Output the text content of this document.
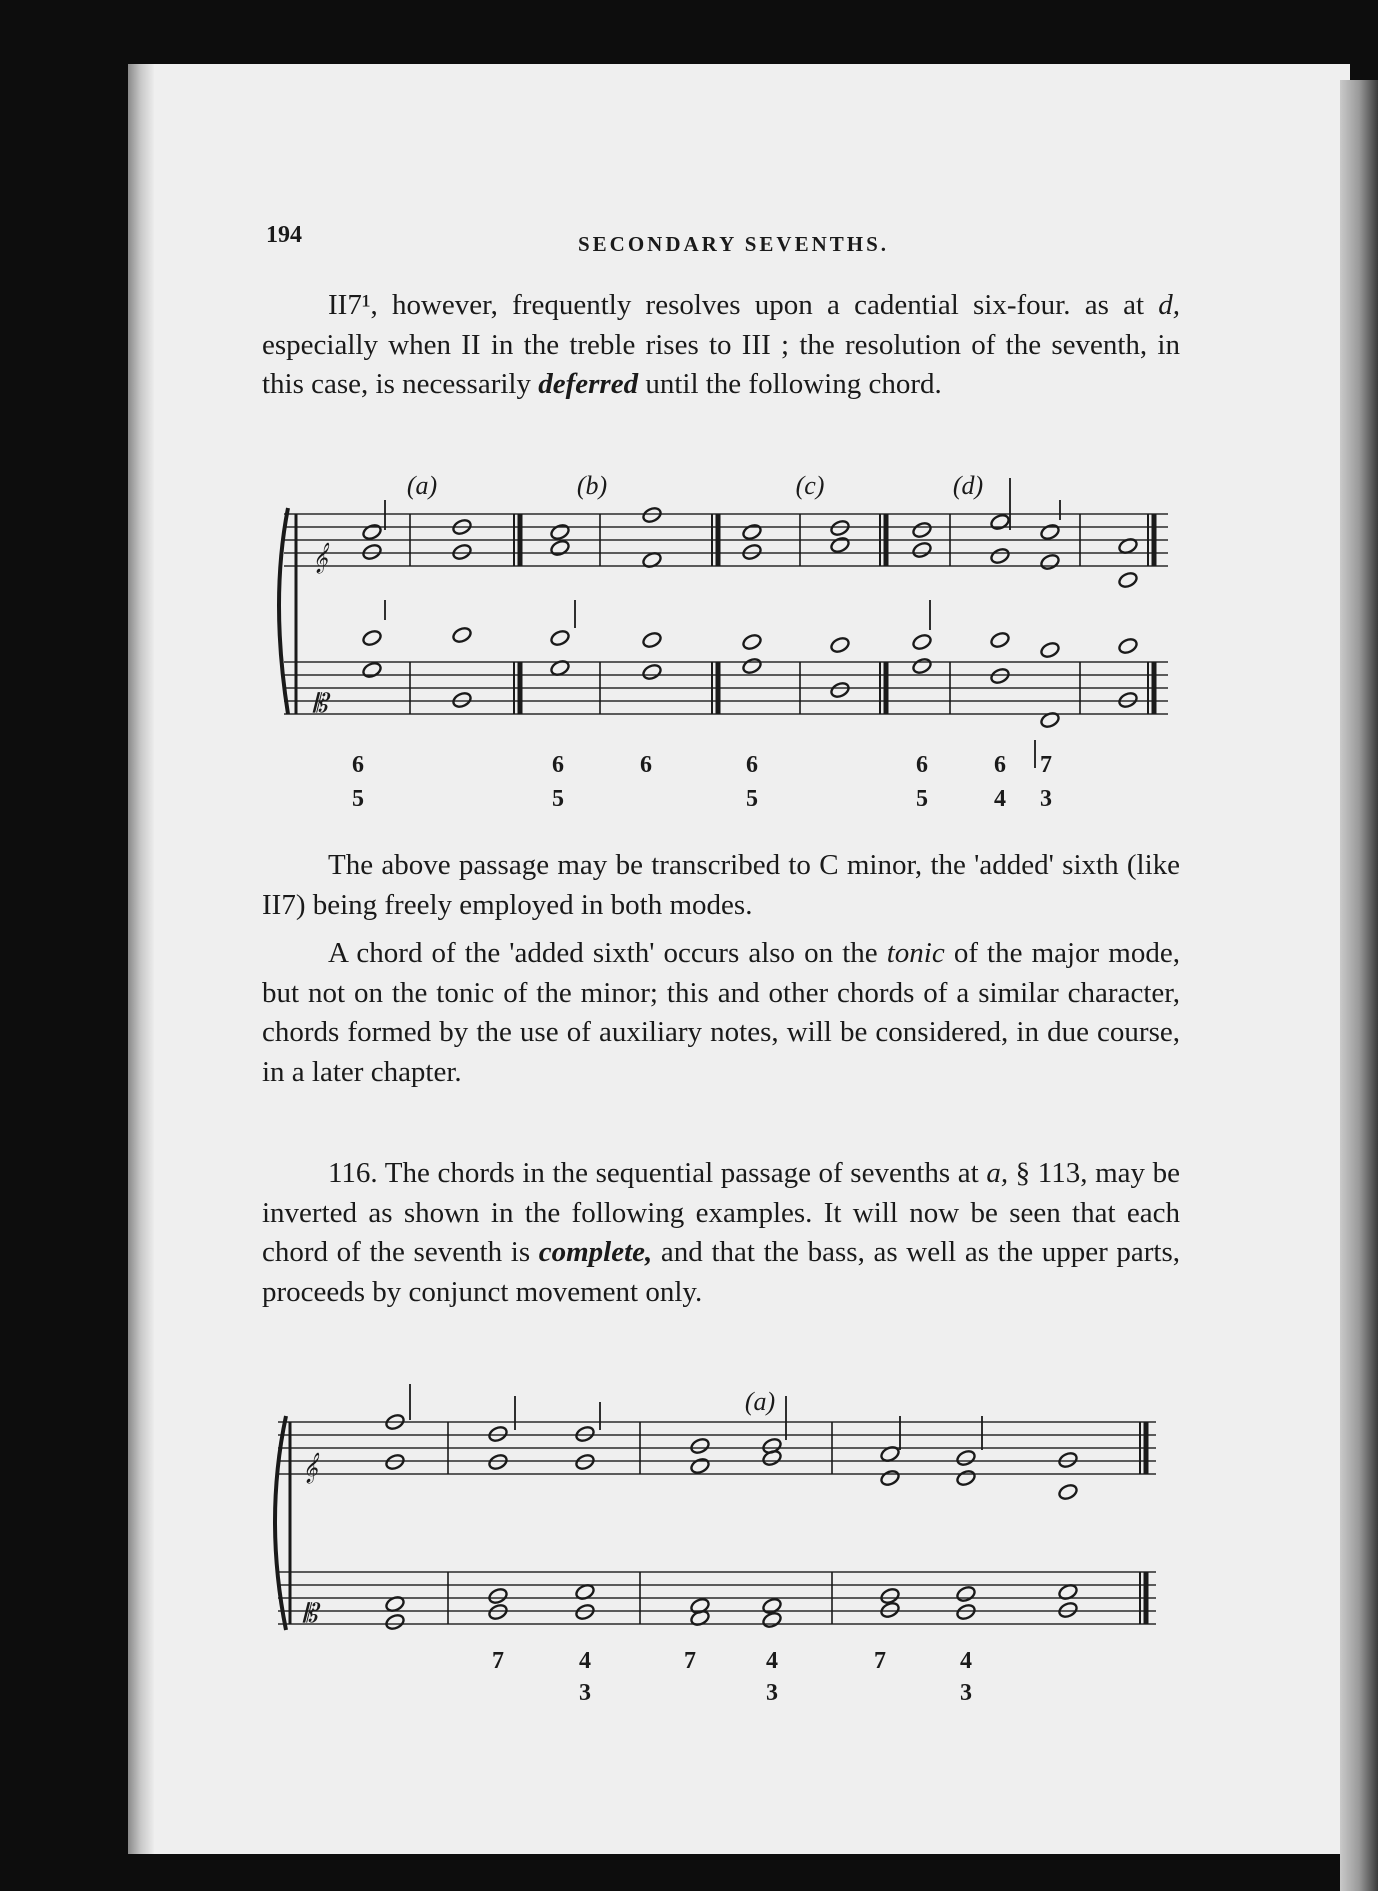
194	SECONDARY SEVENTHS.

II7¹, however, frequently resolves upon a cadential six-four. as at d, especially when II in the treble rises to III ; the resolution of the seventh, in this case, is necessarily deferred until the following chord.

𝄞
𝄡
(a)	(b)	(c)	(d)
6	6	6	6	6	6 7
5	5	5	5	4 3
𝄞
𝄡
(a)
7	4	7	4	7	4
3	3	3

The above passage may be transcribed to C minor, the 'added' sixth (like II7) being freely employed in both modes.

A chord of the 'added sixth' occurs also on the tonic of the major mode, but not on the tonic of the minor; this and other chords of a similar character, chords formed by the use of auxiliary notes, will be considered, in due course, in a later chapter.

116. The chords in the sequential passage of sevenths at a, § 113, may be inverted as shown in the following examples. It will now be seen that each chord of the seventh is complete, and that the bass, as well as the upper parts, proceeds by conjunct movement only.
